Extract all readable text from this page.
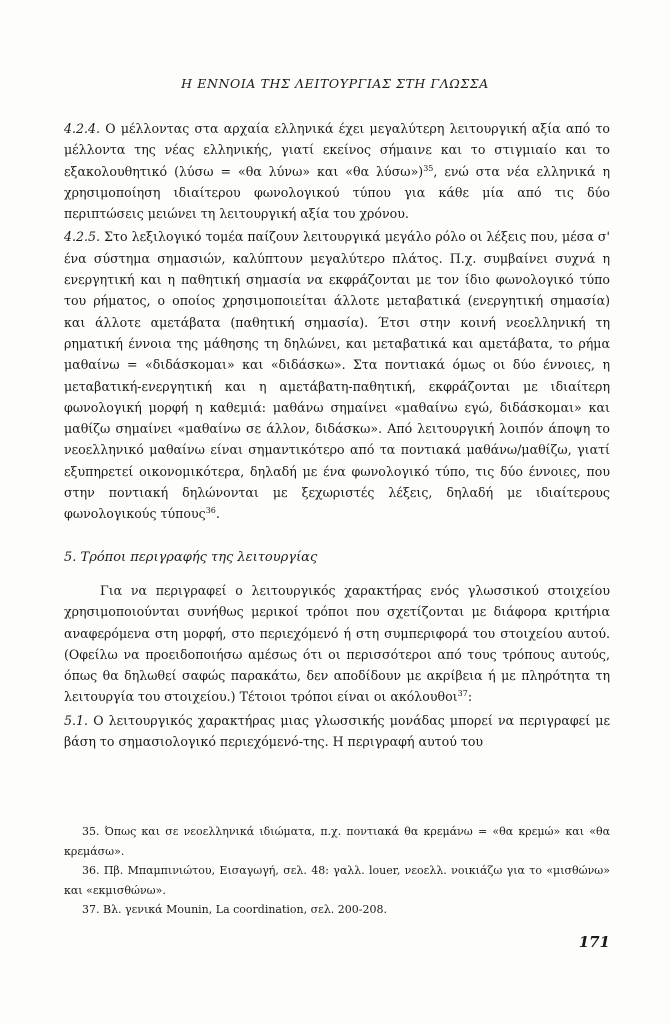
Η ΕΝΝΟΙΑ ΤΗΣ ΛΕΙΤΟΥΡΓΙΑΣ ΣΤΗ ΓΛΩΣΣΑ

4.2.4. Ο μέλλοντας στα αρχαία ελληνικά έχει μεγαλύτερη λειτουργική αξία από το μέλλοντα της νέας ελληνικής, γιατί εκείνος σήμαινε και το στιγμιαίο και το εξακολουθητικό (λύσω = «θα λύνω» και «θα λύσω»)$^{35}$, ενώ στα νέα ελληνικά η χρησιμοποίηση ιδιαίτερου φωνολογικού τύπου για κάθε μία από τις δύο περιπτώσεις μειώνει τη λειτουργική αξία του χρόνου.

4.2.5. Στο λεξιλογικό τομέα παίζουν λειτουργικά μεγάλο ρόλο οι λέξεις που, μέσα σ' ένα σύστημα σημασιών, καλύπτουν μεγαλύτερο πλάτος. Π.χ. συμβαίνει συχνά η ενεργητική και η παθητική σημασία να εκφράζονται με τον ίδιο φωνολογικό τύπο του ρήματος, ο οποίος χρησιμοποιείται άλλοτε μεταβατικά (ενεργητική σημασία) και άλλοτε αμετάβατα (παθητική σημασία). Έτσι στην κοινή νεοελληνική τη ρηματική έννοια της μάθησης τη δηλώνει, και μεταβατικά και αμετάβατα, το ρήμα μαθαίνω = «διδάσκομαι» και «διδάσκω». Στα ποντιακά όμως οι δύο έννοιες, η μεταβατική-ενεργητική και η αμετάβατη-παθητική, εκφράζονται με ιδιαίτερη φωνολογική μορφή η καθεμιά: μαθάνω σημαίνει «μαθαίνω εγώ, διδάσκομαι» και μαθίζω σημαίνει «μαθαίνω σε άλλον, διδάσκω». Από λειτουργική λοιπόν άποψη το νεοελληνικό μαθαίνω είναι σημαντικότερο από τα ποντιακά μαθάνω/μαθίζω, γιατί εξυπηρετεί οικονομικότερα, δηλαδή με ένα φωνολογικό τύπο, τις δύο έννοιες, που στην ποντιακή δηλώνονται με ξεχωριστές λέξεις, δηλαδή με ιδιαίτερους φωνολογικούς τύπους$^{36}$.

5. Τρόποι περιγραφής της λειτουργίας

Για να περιγραφεί ο λειτουργικός χαρακτήρας ενός γλωσσικού στοιχείου χρησιμοποιούνται συνήθως μερικοί τρόποι που σχετίζονται με διάφορα κριτήρια αναφερόμενα στη μορφή, στο περιεχόμενό ή στη συμπεριφορά του στοιχείου αυτού. (Οφείλω να προειδοποιήσω αμέσως ότι οι περισσότεροι από τους τρόπους αυτούς, όπως θα δηλωθεί σαφώς παρακάτω, δεν αποδίδουν με ακρίβεια ή με πληρότητα τη λειτουργία του στοιχείου.) Τέτοιοι τρόποι είναι οι ακόλουθοι$^{37}$:

5.1. Ο λειτουργικός χαρακτήρας μιας γλωσσικής μονάδας μπορεί να περιγραφεί με βάση το σημασιολογικό περιεχόμενό-της. Η περιγραφή αυτού του

35. Όπως και σε νεοελληνικά ιδιώματα, π.χ. ποντιακά θα κρεμάνω = «θα κρεμώ» και «θα κρεμάσω».

36. Πβ. Μπαμπινιώτου, Εισαγωγή, σελ. 48: γαλλ. louer, νεοελλ. νοικιάζω για το «μισθώνω» και «εκμισθώνω».

37. Βλ. γενικά Mounin, La coordination, σελ. 200-208.

171
